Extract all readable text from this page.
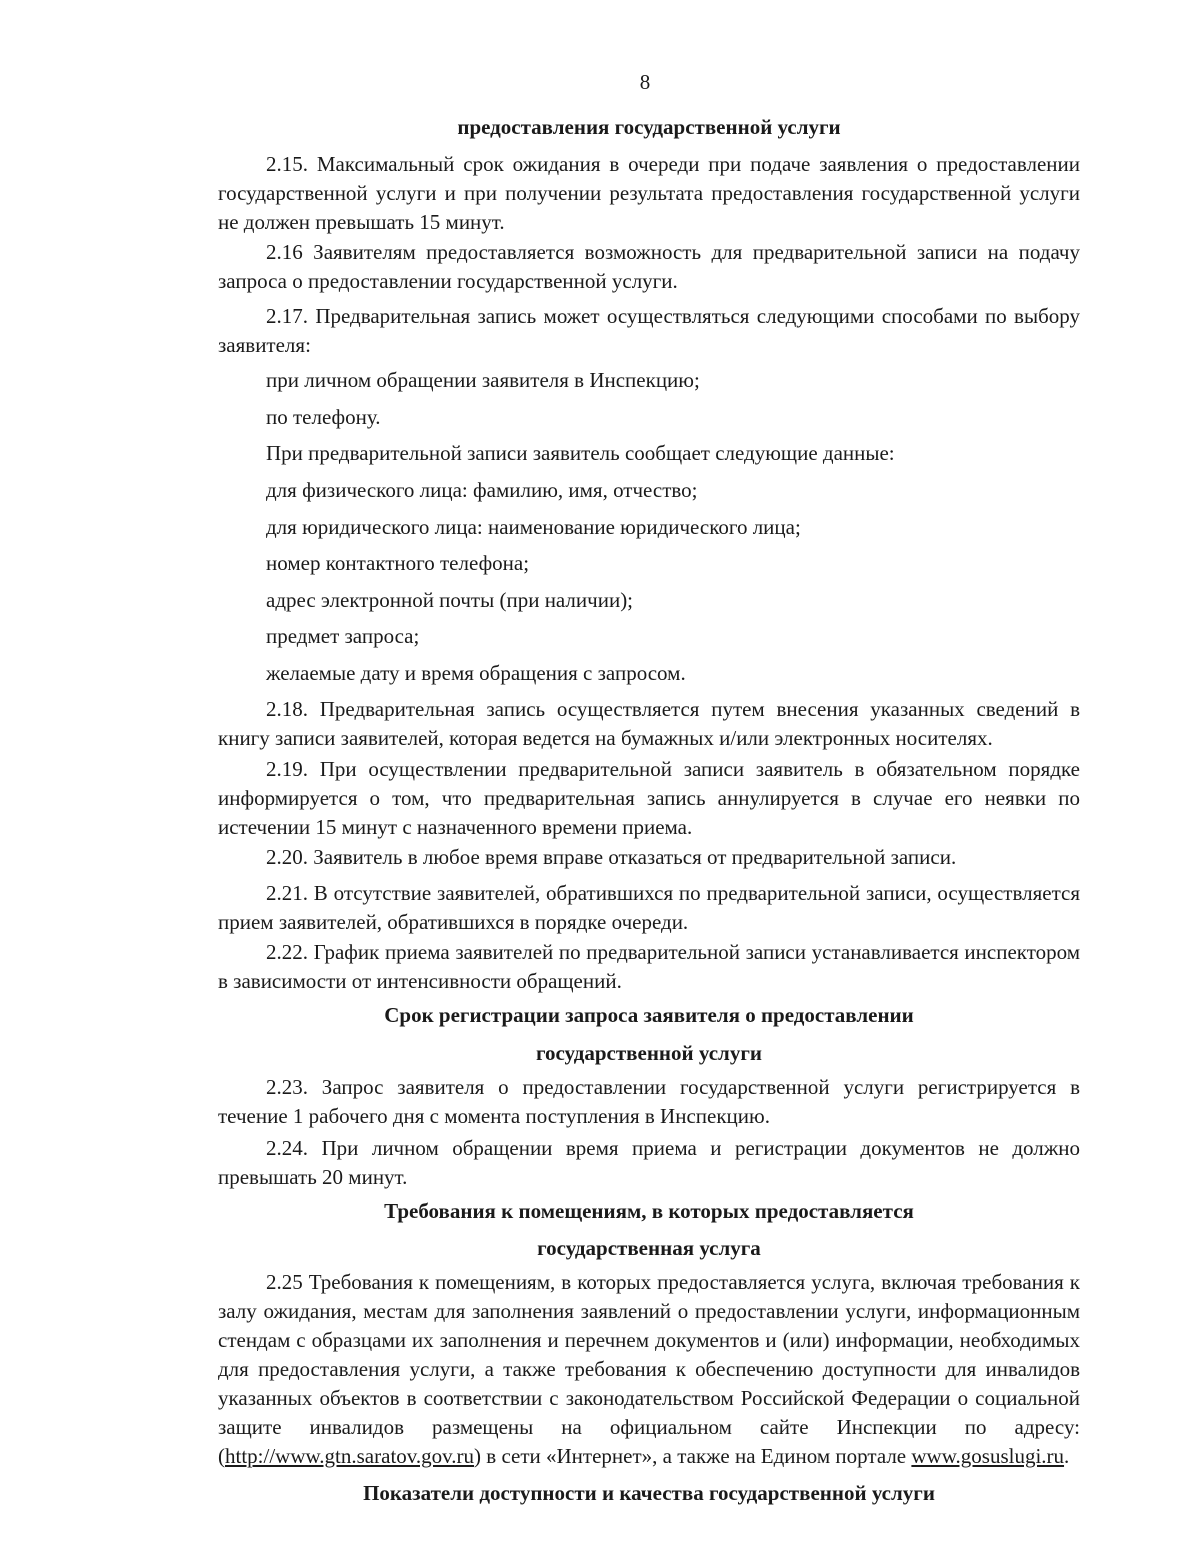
8
предоставления государственной услуги
2.15. Максимальный срок ожидания в очереди при подаче заявления о предоставлении государственной услуги и при получении результата предоставления государственной услуги не должен превышать 15 минут.
2.16 Заявителям предоставляется возможность для предварительной записи на подачу запроса о предоставлении государственной услуги.
2.17. Предварительная запись может осуществляться следующими способами по выбору заявителя:
при личном обращении заявителя в Инспекцию;
по телефону.
При предварительной записи заявитель сообщает следующие данные:
для физического лица: фамилию, имя, отчество;
для юридического лица: наименование юридического лица;
номер контактного телефона;
адрес электронной почты (при наличии);
предмет запроса;
желаемые дату и время обращения с запросом.
2.18. Предварительная запись осуществляется путем внесения указанных сведений в книгу записи заявителей, которая ведется на бумажных и/или электронных носителях.
2.19. При осуществлении предварительной записи заявитель в обязательном порядке информируется о том, что предварительная запись аннулируется в случае его неявки по истечении 15 минут с назначенного времени приема.
2.20. Заявитель в любое время вправе отказаться от предварительной записи.
2.21. В отсутствие заявителей, обратившихся по предварительной записи, осуществляется прием заявителей, обратившихся в порядке очереди.
2.22. График приема заявителей по предварительной записи устанавливается инспектором в зависимости от интенсивности обращений.
Срок регистрации запроса заявителя о предоставлении
государственной услуги
2.23. Запрос заявителя о предоставлении государственной услуги регистрируется в течение 1 рабочего дня с момента поступления в Инспекцию.
2.24. При личном обращении время приема и регистрации документов не должно превышать 20 минут.
Требования к помещениям, в которых предоставляется
государственная услуга
2.25 Требования к помещениям, в которых предоставляется услуга, включая требования к залу ожидания, местам для заполнения заявлений о предоставлении услуги, информационным стендам с образцами их заполнения и перечнем документов и (или) информации, необходимых для предоставления услуги, а также требования к обеспечению доступности для инвалидов указанных объектов в соответствии с законодательством Российской Федерации о социальной защите инвалидов размещены на официальном сайте Инспекции по адресу: (http://www.gtn.saratov.gov.ru) в сети «Интернет», а также на Едином портале www.gosuslugi.ru.
Показатели доступности и качества государственной услуги
